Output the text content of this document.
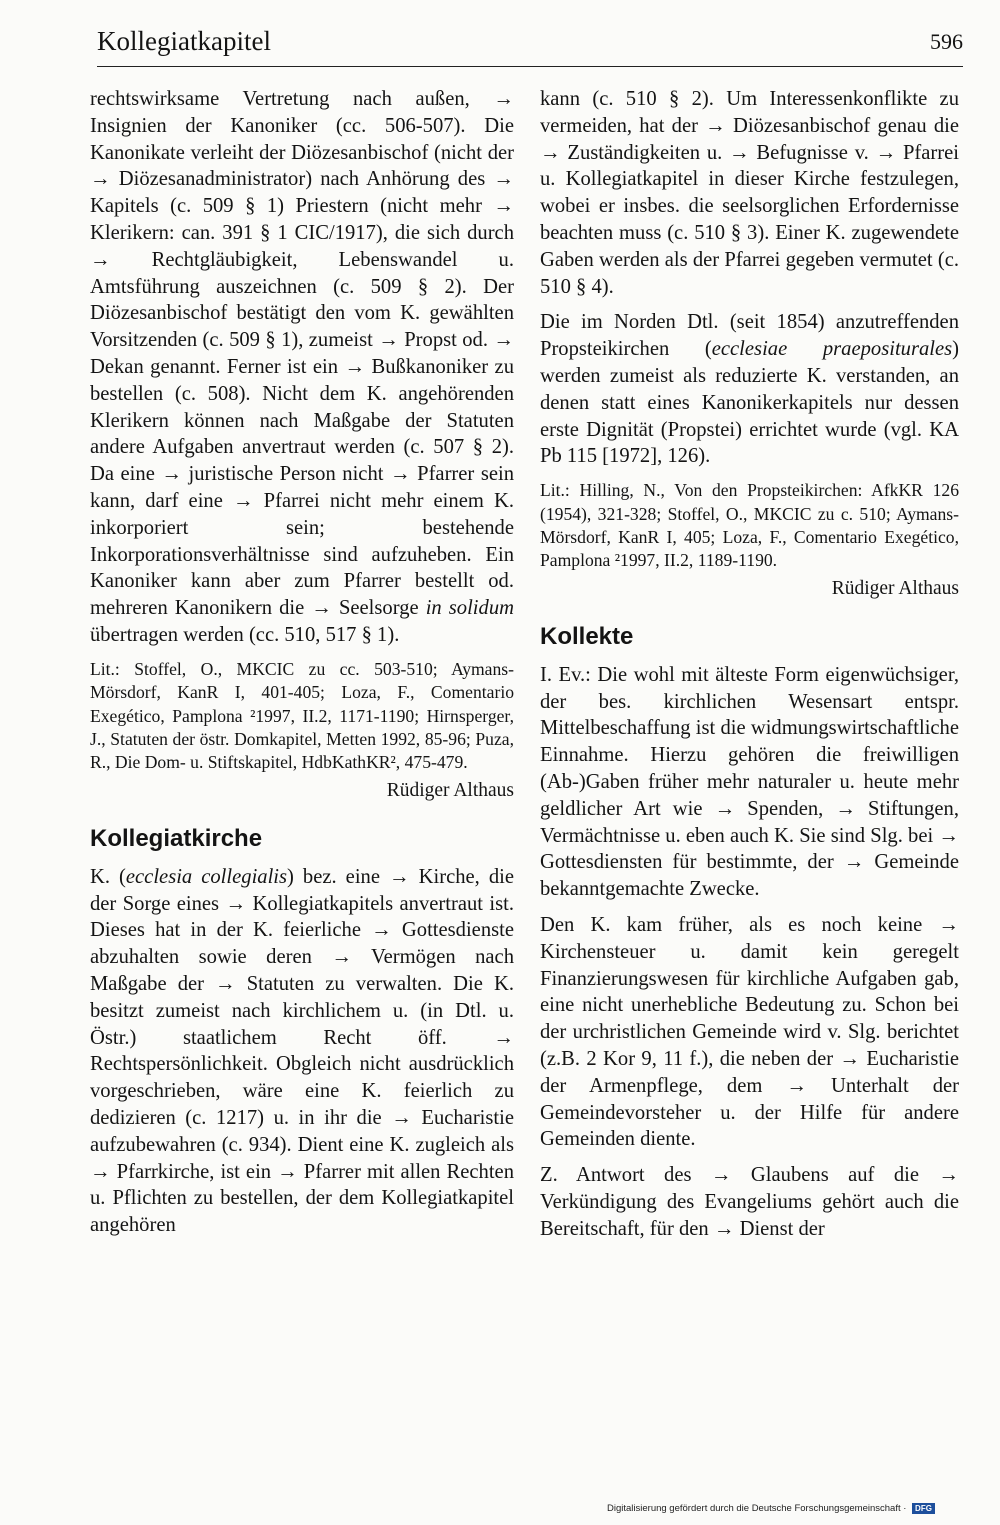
Kollegiatkapitel	596

rechtswirksame Vertretung nach außen, → Insignien der Kanoniker (cc. 506-507). Die Kanonikate verleiht der Diözesanbischof (nicht der → Diözesanadministrator) nach Anhörung des → Kapitels (c. 509 § 1) Priestern (nicht mehr → Klerikern: can. 391 § 1 CIC/1917), die sich durch → Rechtgläubigkeit, Lebenswandel u. Amtsführung auszeichnen (c. 509 § 2). Der Diözesanbischof bestätigt den vom K. gewählten Vorsitzenden (c. 509 § 1), zumeist → Propst od. → Dekan genannt. Ferner ist ein → Bußkanoniker zu bestellen (c. 508). Nicht dem K. angehörenden Klerikern können nach Maßgabe der Statuten andere Aufgaben anvertraut werden (c. 507 § 2). Da eine → juristische Person nicht → Pfarrer sein kann, darf eine → Pfarrei nicht mehr einem K. inkorporiert sein; bestehende Inkorporationsverhältnisse sind aufzuheben. Ein Kanoniker kann aber zum Pfarrer bestellt od. mehreren Kanonikern die → Seelsorge in solidum übertragen werden (cc. 510, 517 § 1).

Lit.: Stoffel, O., MKCIC zu cc. 503-510; Aymans-Mörsdorf, KanR I, 401-405; Loza, F., Comentario Exegético, Pamplona ²1997, II.2, 1171-1190; Hirnsperger, J., Statuten der östr. Domkapitel, Metten 1992, 85-96; Puza, R., Die Dom- u. Stiftskapitel, HdbKathKR², 475-479.

Rüdiger Althaus

Kollegiatkirche

K. (ecclesia collegialis) bez. eine → Kirche, die der Sorge eines → Kollegiatkapitels anvertraut ist. Dieses hat in der K. feierliche → Gottesdienste abzuhalten sowie deren → Vermögen nach Maßgabe der → Statuten zu verwalten. Die K. besitzt zumeist nach kirchlichem u. (in Dtl. u. Östr.) staatlichem Recht öff. → Rechtspersönlichkeit. Obgleich nicht ausdrücklich vorgeschrieben, wäre eine K. feierlich zu dedizieren (c. 1217) u. in ihr die → Eucharistie aufzubewahren (c. 934). Dient eine K. zugleich als → Pfarrkirche, ist ein → Pfarrer mit allen Rechten u. Pflichten zu bestellen, der dem Kollegiatkapitel angehören

kann (c. 510 § 2). Um Interessenkonflikte zu vermeiden, hat der → Diözesanbischof genau die → Zuständigkeiten u. → Befugnisse v. → Pfarrei u. Kollegiatkapitel in dieser Kirche festzulegen, wobei er insbes. die seelsorglichen Erfordernisse beachten muss (c. 510 § 3). Einer K. zugewendete Gaben werden als der Pfarrei gegeben vermutet (c. 510 § 4).

Die im Norden Dtl. (seit 1854) anzutreffenden Propsteikirchen (ecclesiae praepositurales) werden zumeist als reduzierte K. verstanden, an denen statt eines Kanonikerkapitels nur dessen erste Dignität (Propstei) errichtet wurde (vgl. KA Pb 115 [1972], 126).

Lit.: Hilling, N., Von den Propsteikirchen: AfkKR 126 (1954), 321-328; Stoffel, O., MKCIC zu c. 510; Aymans-Mörsdorf, KanR I, 405; Loza, F., Comentario Exegético, Pamplona ²1997, II.2, 1189-1190.

Rüdiger Althaus

Kollekte

I. Ev.: Die wohl mit älteste Form eigenwüchsiger, der bes. kirchlichen Wesensart entspr. Mittelbeschaffung ist die widmungswirtschaftliche Einnahme. Hierzu gehören die freiwilligen (Ab-)Gaben früher mehr naturaler u. heute mehr geldlicher Art wie → Spenden, → Stiftungen, Vermächtnisse u. eben auch K. Sie sind Slg. bei → Gottesdiensten für bestimmte, der → Gemeinde bekanntgemachte Zwecke.

Den K. kam früher, als es noch keine → Kirchensteuer u. damit kein geregelt Finanzierungswesen für kirchliche Aufgaben gab, eine nicht unerhebliche Bedeutung zu. Schon bei der urchristlichen Gemeinde wird v. Slg. berichtet (z.B. 2 Kor 9, 11 f.), die neben der → Eucharistie der Armenpflege, dem → Unterhalt der Gemeindevorsteher u. der Hilfe für andere Gemeinden diente.

Z. Antwort des → Glaubens auf die → Verkündigung des Evangeliums gehört auch die Bereitschaft, für den → Dienst der

Digitalisierung gefördert durch die Deutsche Forschungsgemeinschaft · DFG
